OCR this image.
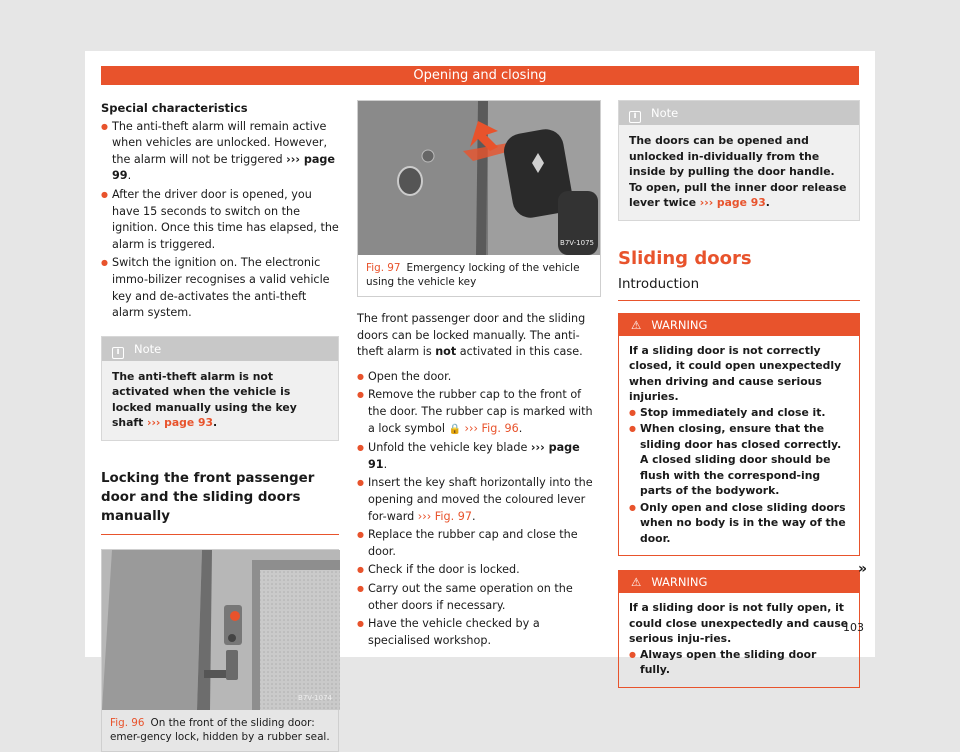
Opening and closing
Special characteristics
● The anti-theft alarm will remain active when vehicles are unlocked. However, the alarm will not be triggered ››› page 99.
● After the driver door is opened, you have 15 seconds to switch on the ignition. Once this time has elapsed, the alarm is triggered.
● Switch the ignition on. The electronic immo-bilizer recognises a valid vehicle key and de-activates the anti-theft alarm system.
i Note
The anti-theft alarm is not activated when the vehicle is locked manually using the key shaft ››› page 93.
Locking the front passenger door and the sliding doors manually
B7V-1074
Fig. 96 On the front of the sliding door: emer-gency lock, hidden by a rubber seal.
B7V-1075
Fig. 97 Emergency locking of the vehicle using the vehicle key
The front passenger door and the sliding doors can be locked manually. The anti-theft alarm is not activated in this case.
● Open the door.
● Remove the rubber cap to the front of the door. The rubber cap is marked with a lock symbol 🔒 ››› Fig. 96.
● Unfold the vehicle key blade ››› page 91.
● Insert the key shaft horizontally into the opening and moved the coloured lever for-ward ››› Fig. 97.
● Replace the rubber cap and close the door.
● Check if the door is locked.
● Carry out the same operation on the other doors if necessary.
● Have the vehicle checked by a specialised workshop.
i Note
The doors can be opened and unlocked in-dividually from the inside by pulling the door handle. To open, pull the inner door release lever twice ››› page 93.
Sliding doors
Introduction
⚠ WARNING
If a sliding door is not correctly closed, it could open unexpectedly when driving and cause serious injuries.
● Stop immediately and close it.
● When closing, ensure that the sliding door has closed correctly. A closed sliding door should be flush with the correspond-ing parts of the bodywork.
● Only open and close sliding doors when no body is in the way of the door.
⚠ WARNING
If a sliding door is not fully open, it could close unexpectedly and cause serious inju-ries.
● Always open the sliding door fully.
»
103
